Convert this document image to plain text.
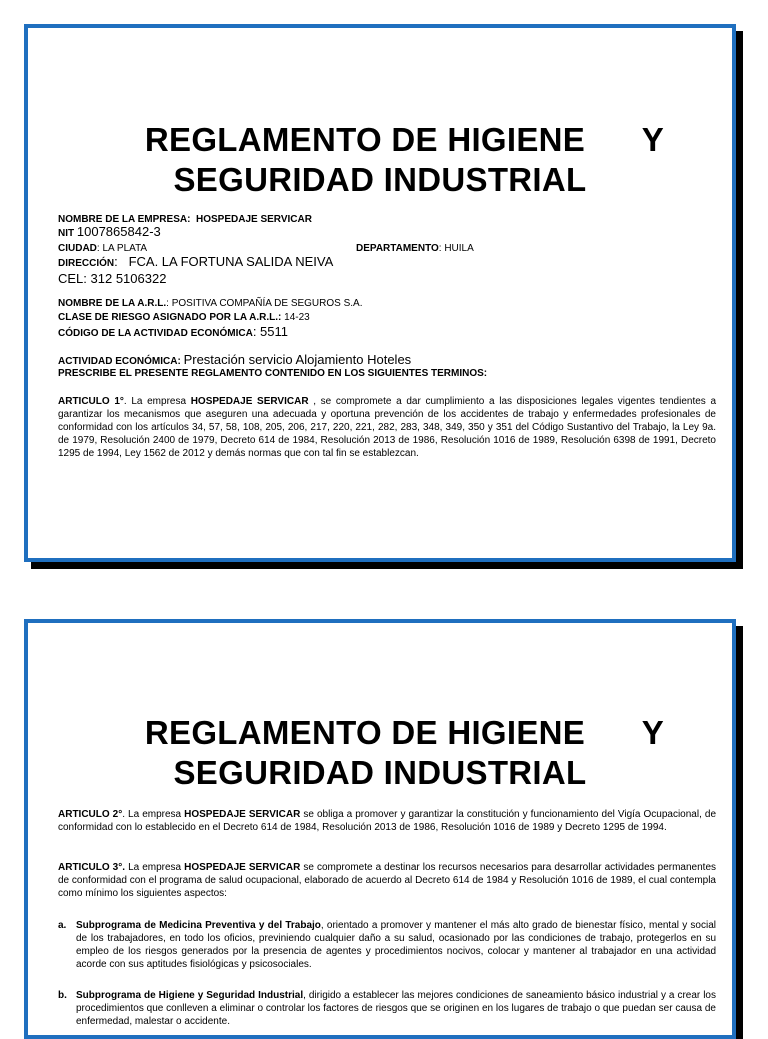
REGLAMENTO DE HIGIENE Y
SEGURIDAD INDUSTRIAL
NOMBRE DE LA EMPRESA: HOSPEDAJE SERVICAR
NIT 1007865842-3
CIUDAD: LA PLATA	DEPARTAMENTO: HUILA
DIRECCIÓN:   FCA. LA FORTUNA SALIDA NEIVA
CEL: 312 5106322
NOMBRE DE LA A.R.L.: POSITIVA COMPAÑÍA DE SEGUROS S.A.
CLASE DE RIESGO ASIGNADO POR LA A.R.L.: 14-23
CÓDIGO DE LA ACTIVIDAD ECONÓMICA: 5511
ACTIVIDAD ECONÓMICA: Prestación servicio Alojamiento Hoteles
PRESCRIBE EL PRESENTE REGLAMENTO CONTENIDO EN LOS SIGUIENTES TERMINOS:
ARTICULO 1°. La empresa HOSPEDAJE SERVICAR , se compromete a dar cumplimiento a las disposiciones legales vigentes tendientes a garantizar los mecanismos que aseguren una adecuada y oportuna prevención de los accidentes de trabajo y enfermedades profesionales de conformidad con los artículos 34, 57, 58, 108, 205, 206, 217, 220, 221, 282, 283, 348, 349, 350 y 351 del Código Sustantivo del Trabajo, la Ley 9a. de 1979, Resolución 2400 de 1979, Decreto 614 de 1984, Resolución 2013 de 1986, Resolución 1016 de 1989, Resolución 6398 de 1991, Decreto 1295 de 1994, Ley 1562 de 2012 y demás normas que con tal fin se establezcan.
REGLAMENTO DE HIGIENE Y
SEGURIDAD INDUSTRIAL
ARTICULO 2°. La empresa HOSPEDAJE SERVICAR se obliga a promover y garantizar la constitución y funcionamiento del Vigía Ocupacional, de conformidad con lo establecido en el Decreto 614 de 1984, Resolución 2013 de 1986, Resolución 1016 de 1989 y Decreto 1295 de 1994.
ARTICULO 3°. La empresa HOSPEDAJE SERVICAR se compromete a destinar los recursos necesarios para desarrollar actividades permanentes de conformidad con el programa de salud ocupacional, elaborado de acuerdo al Decreto 614 de 1984 y Resolución 1016 de 1989, el cual contempla como mínimo los siguientes aspectos:
a. Subprograma de Medicina Preventiva y del Trabajo, orientado a promover y mantener el más alto grado de bienestar físico, mental y social de los trabajadores, en todo los oficios, previniendo cualquier daño a su salud, ocasionado por las condiciones de trabajo, protegerlos en su empleo de los riesgos generados por la presencia de agentes y procedimientos nocivos, colocar y mantener al trabajador en una actividad acorde con sus aptitudes fisiológicas y psicosociales.
b. Subprograma de Higiene y Seguridad Industrial, dirigido a establecer las mejores condiciones de saneamiento básico industrial y a crear los procedimientos que conlleven a eliminar o controlar los factores de riesgos que se originen en los lugares de trabajo o que puedan ser causa de enfermedad, malestar o accidente.
